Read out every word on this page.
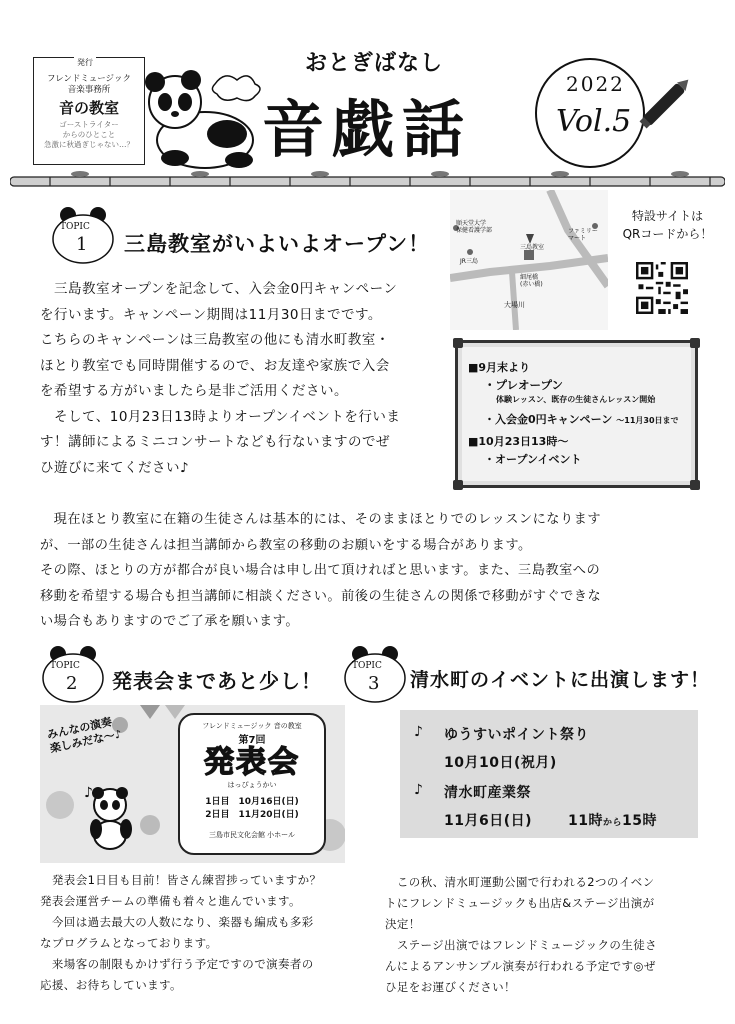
発行
フレンドミュージック
音楽事務所
音の教室
ゴーストライター
からのひとこと
急激に秋過ぎじゃない…？
おとぎばなし
音戯話
2022
Vol.5
TOPIC
1 三島教室がいよいよオープン！
　三島教室オープンを記念して、入会金0円キャンペーン
を行います。キャンペーン期間は11月30日までです。
こちらのキャンペーンは三島教室の他にも清水町教室・
ほとり教室でも同時開催するので、お友達や家族で入会
を希望する方がいましたら是非ご活用ください。
　そして、10月23日13時よりオープンイベントを行いま
す！講師によるミニコンサートなども行ないますのでぜ
ひ遊びに来てください♪
順天堂大学
保健看護学部	ファミリー
マート
JR三島
三島教室
細尾橋
(赤い橋)
大場川
特設サイトは
QRコードから！
■9月末より
・プレオープン
体験レッスン、既存の生徒さんレッスン開始
・入会金0円キャンペーン ～11月30日まで
■10月23日13時～
・オープンイベント
　現在ほとり教室に在籍の生徒さんは基本的には、そのままほとりでのレッスンになります
が、一部の生徒さんは担当講師から教室の移動のお願いをする場合があります。
その際、ほとりの方が都合が良い場合は申し出て頂ければと思います。また、三島教室への
移動を希望する場合も担当講師に相談ください。前後の生徒さんの関係で移動がすぐできな
い場合もありますのでご了承を願います。
TOPIC
2 発表会まであと少し！
♪
みんなの演奏
楽しみだな〜♪
フレンドミュージック 音の教室
第7回
発表会
はっぴょうかい
1日目　10月16日(日)
2日目　11月20日(日)
三島市民文化会館 小ホール
　発表会1日目も目前！皆さん練習捗っていますか？
発表会運営チームの準備も着々と進んでいます。
　今回は過去最大の人数になり、楽器も編成も多彩
なプログラムとなっております。
　来場客の制限もかけず行う予定ですので演奏者の
応援、お待ちしています。
TOPIC
3 清水町のイベントに出演します！
♪ ゆうすいポイント祭り
10月10日(祝月)
♪ 清水町産業祭
11月6日(日)	11時から15時
　この秋、清水町運動公園で行われる2つのイベン
トにフレンドミュージックも出店&ステージ出演が
決定！
　ステージ出演ではフレンドミュージックの生徒さ
んによるアンサンブル演奏が行われる予定です◎ぜ
ひ足をお運びください！
